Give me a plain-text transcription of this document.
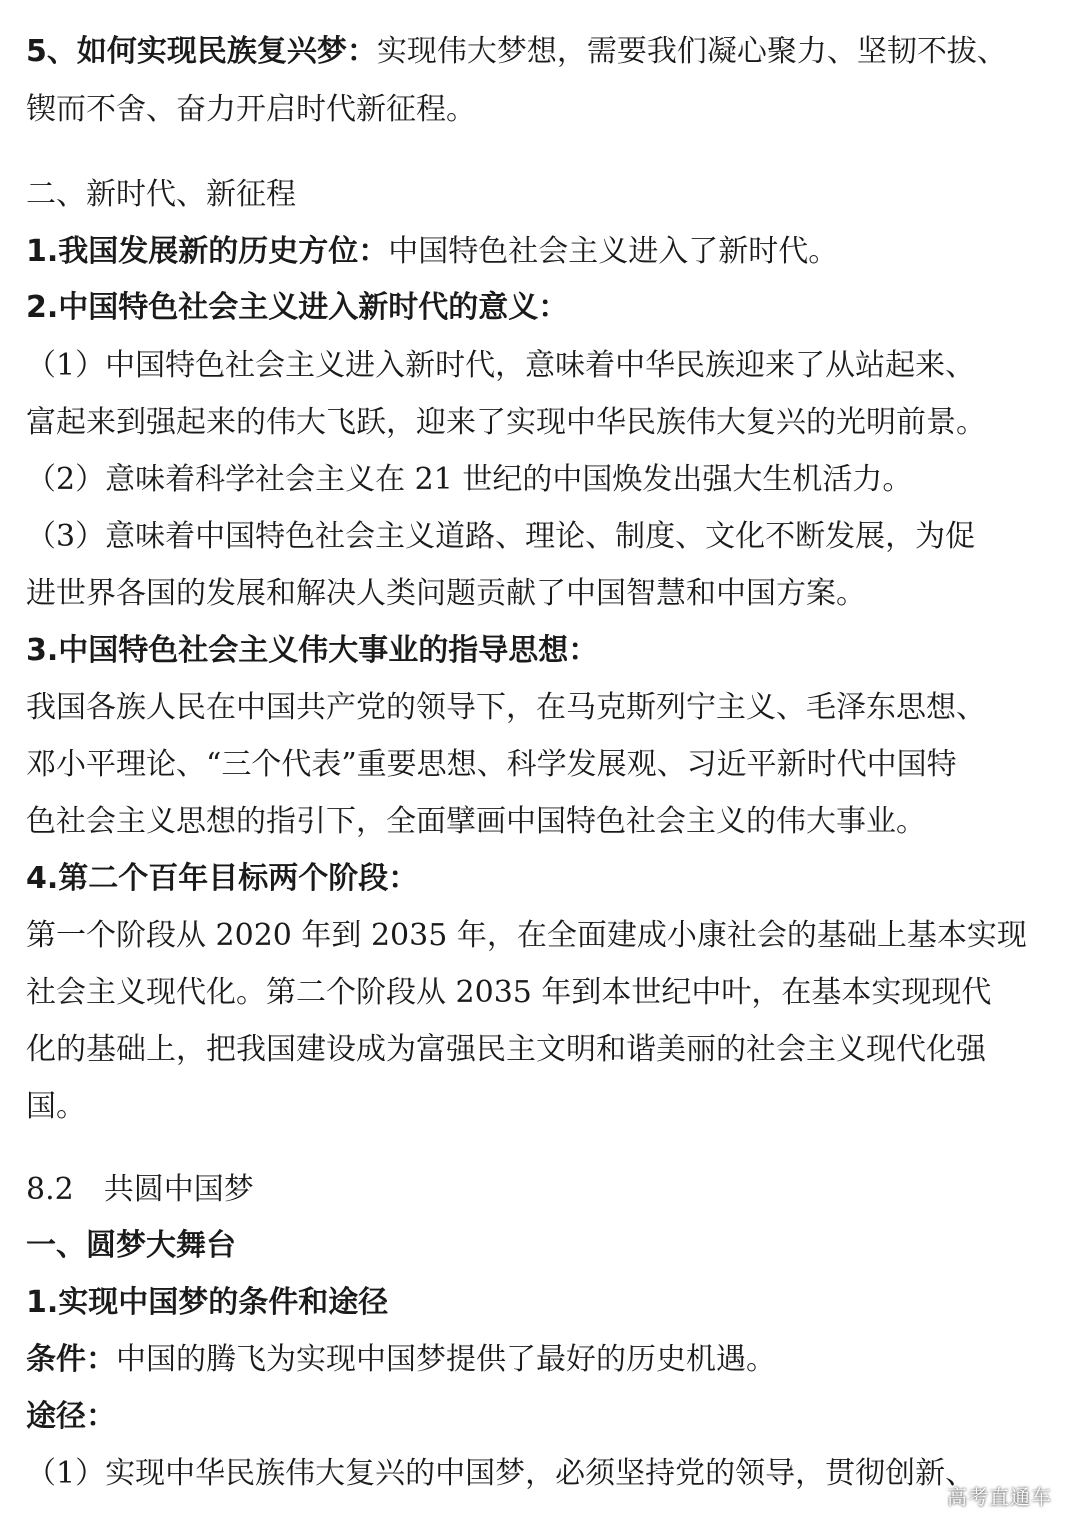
5、如何实现民族复兴梦：实现伟大梦想，需要我们凝心聚力、坚韧不拔、
锲而不舍、奋力开启时代新征程。
二、新时代、新征程
1.我国发展新的历史方位：中国特色社会主义进入了新时代。
2.中国特色社会主义进入新时代的意义：
（1）中国特色社会主义进入新时代，意味着中华民族迎来了从站起来、
富起来到强起来的伟大飞跃，迎来了实现中华民族伟大复兴的光明前景。
（2）意味着科学社会主义在 21 世纪的中国焕发出强大生机活力。
（3）意味着中国特色社会主义道路、理论、制度、文化不断发展，为促
进世界各国的发展和解决人类问题贡献了中国智慧和中国方案。
3.中国特色社会主义伟大事业的指导思想：
我国各族人民在中国共产党的领导下，在马克斯列宁主义、毛泽东思想、
邓小平理论、“三个代表”重要思想、科学发展观、习近平新时代中国特
色社会主义思想的指引下，全面擘画中国特色社会主义的伟大事业。
4.第二个百年目标两个阶段：
第一个阶段从 2020 年到 2035 年，在全面建成小康社会的基础上基本实现
社会主义现代化。第二个阶段从 2035 年到本世纪中叶，在基本实现现代
化的基础上，把我国建设成为富强民主文明和谐美丽的社会主义现代化强
国。
8.2　共圆中国梦
一、圆梦大舞台
1.实现中国梦的条件和途径
条件：中国的腾飞为实现中国梦提供了最好的历史机遇。
途径：
（1）实现中华民族伟大复兴的中国梦，必须坚持党的领导，贯彻创新、
高考直通车
